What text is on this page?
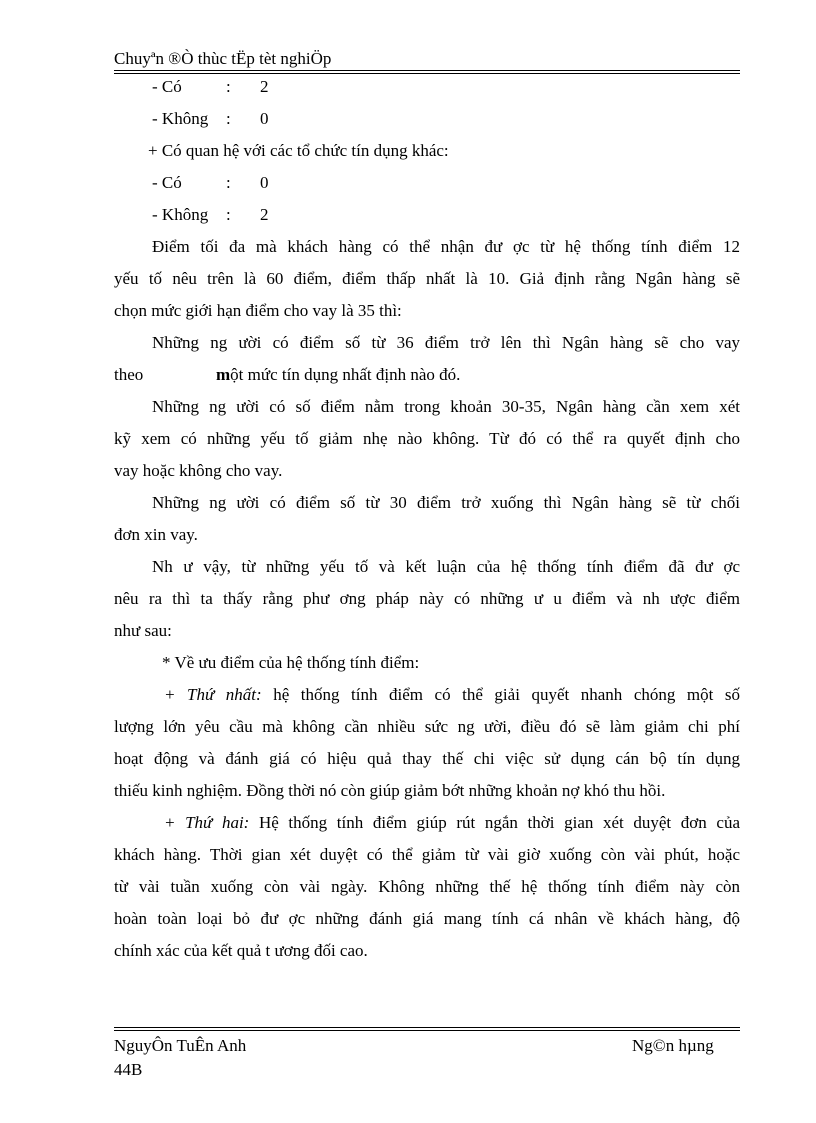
Chuyªn ®Ò thùc tËp tèt nghiÖp
- Có	: 2
- Không : 0
+ Có quan hệ với các tổ chức tín dụng khác:
- Có	: 0
- Không : 2
Điểm tối đa mà khách hàng có thể nhận đư ợc từ hệ thống tính điểm 12
yếu tố nêu trên là 60 điểm, điểm thấp nhất là 10. Giả định rằng Ngân hàng sẽ
chọn mức giới hạn điểm cho vay là 35 thì:
Những ng ười có điểm số từ 36 điểm trở lên thì Ngân hàng sẽ cho vay
theo	một mức tín dụng nhất định nào đó.
Những ng ười có số điểm nằm trong khoản 30-35, Ngân hàng cần xem xét
kỹ xem có những yếu tố giảm nhẹ nào không. Từ đó có thể ra quyết định cho
vay hoặc không cho vay.
Những ng ười có điểm số từ 30 điểm trở xuống thì Ngân hàng sẽ từ chối
đơn xin vay.
Nh ư vậy, từ những yếu tố và kết luận của hệ thống tính điểm đã đư ợc
nêu ra thì ta thấy rằng phư ơng pháp này có những ư u điểm và nh ược điểm
như sau:
* Về ưu điểm của hệ thống tính điểm:
+ Thứ nhất: hệ thống tính điểm có thể giải quyết nhanh chóng một số
lượng lớn yêu cầu mà không cần nhiều sức ng ười, điều đó sẽ làm giảm chi phí
hoạt động và đánh giá có hiệu quả thay thế chi việc sử dụng cán bộ tín dụng
thiếu kinh nghiệm. Đồng thời nó còn giúp giảm bớt những khoản nợ khó thu hồi.
+ Thứ hai: Hệ thống tính điểm giúp rút ngắn thời gian xét duyệt đơn của
khách hàng. Thời gian xét duyệt có thể giảm từ vài giờ xuống còn vài phút, hoặc
từ vài tuần xuống còn vài ngày. Không những thế hệ thống tính điểm này còn
hoàn toàn loại bỏ đư ợc những đánh giá mang tính cá nhân về khách hàng, độ
chính xác của kết quả t ương đối cao.
NguyÔn TuÊn Anh
44B
Ng©n hµng
